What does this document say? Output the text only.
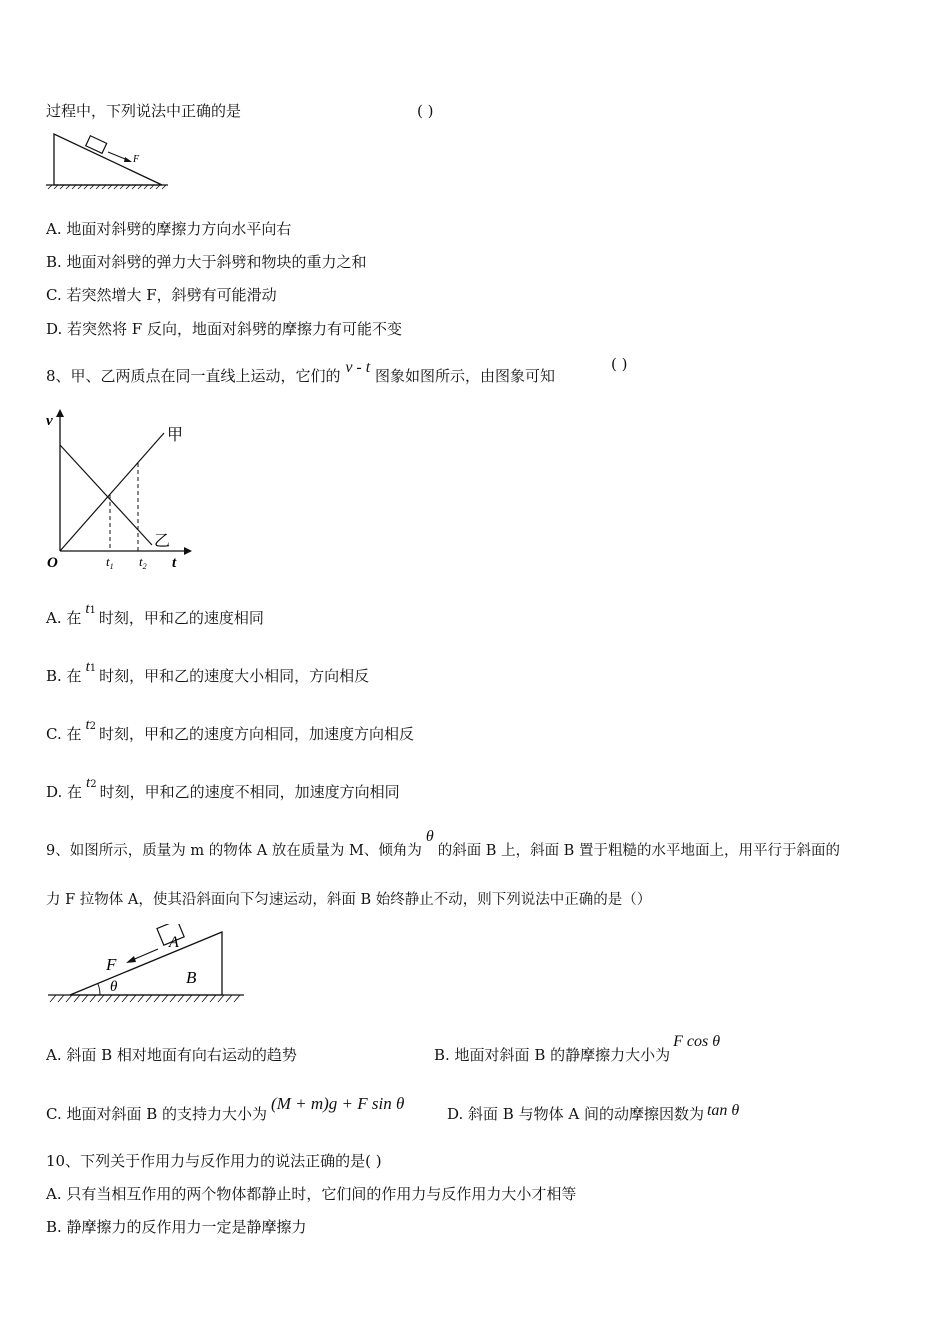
过程中，下列说法中正确的是	( )
F
A. 地面对斜劈的摩擦力方向水平向右
B. 地面对斜劈的弹力大于斜劈和物块的重力之和
C. 若突然增大 F，斜劈有可能滑动
D. 若突然将 F 反向，地面对斜劈的摩擦力有可能不变
8、甲、乙两质点在同一直线上运动，它们的 v - t 图象如图所示，由图象可知
( )
v
t
O	$t_1$ $t_2$
甲
乙
A. 在 t1 时刻，甲和乙的速度相同
B. 在 t1 时刻，甲和乙的速度大小相同，方向相反
C. 在 t2 时刻，甲和乙的速度方向相同，加速度方向相反
D. 在 t2 时刻，甲和乙的速度不相同，加速度方向相同
9、如图所示，质量为 m 的物体 A 放在质量为 M、倾角为θ的斜面 B 上，斜面 B 置于粗糙的水平地面上，用平行于斜面的
力 F 拉物体 A，使其沿斜面向下匀速运动，斜面 B 始终静止不动，则下列说法中正确的是（）
A
F
B
θ
A. 斜面 B 相对地面有向右运动的趋势	B. 地面对斜面 B 的静摩擦力大小为F cos θ
C. 地面对斜面 B 的支持力大小为(M + m)g + F sin θ
D. 斜面 B 与物体 A 间的动摩擦因数为 tan θ
10、下列关于作用力与反作用力的说法正确的是( )
A. 只有当相互作用的两个物体都静止时，它们间的作用力与反作用力大小才相等
B. 静摩擦力的反作用力一定是静摩擦力
